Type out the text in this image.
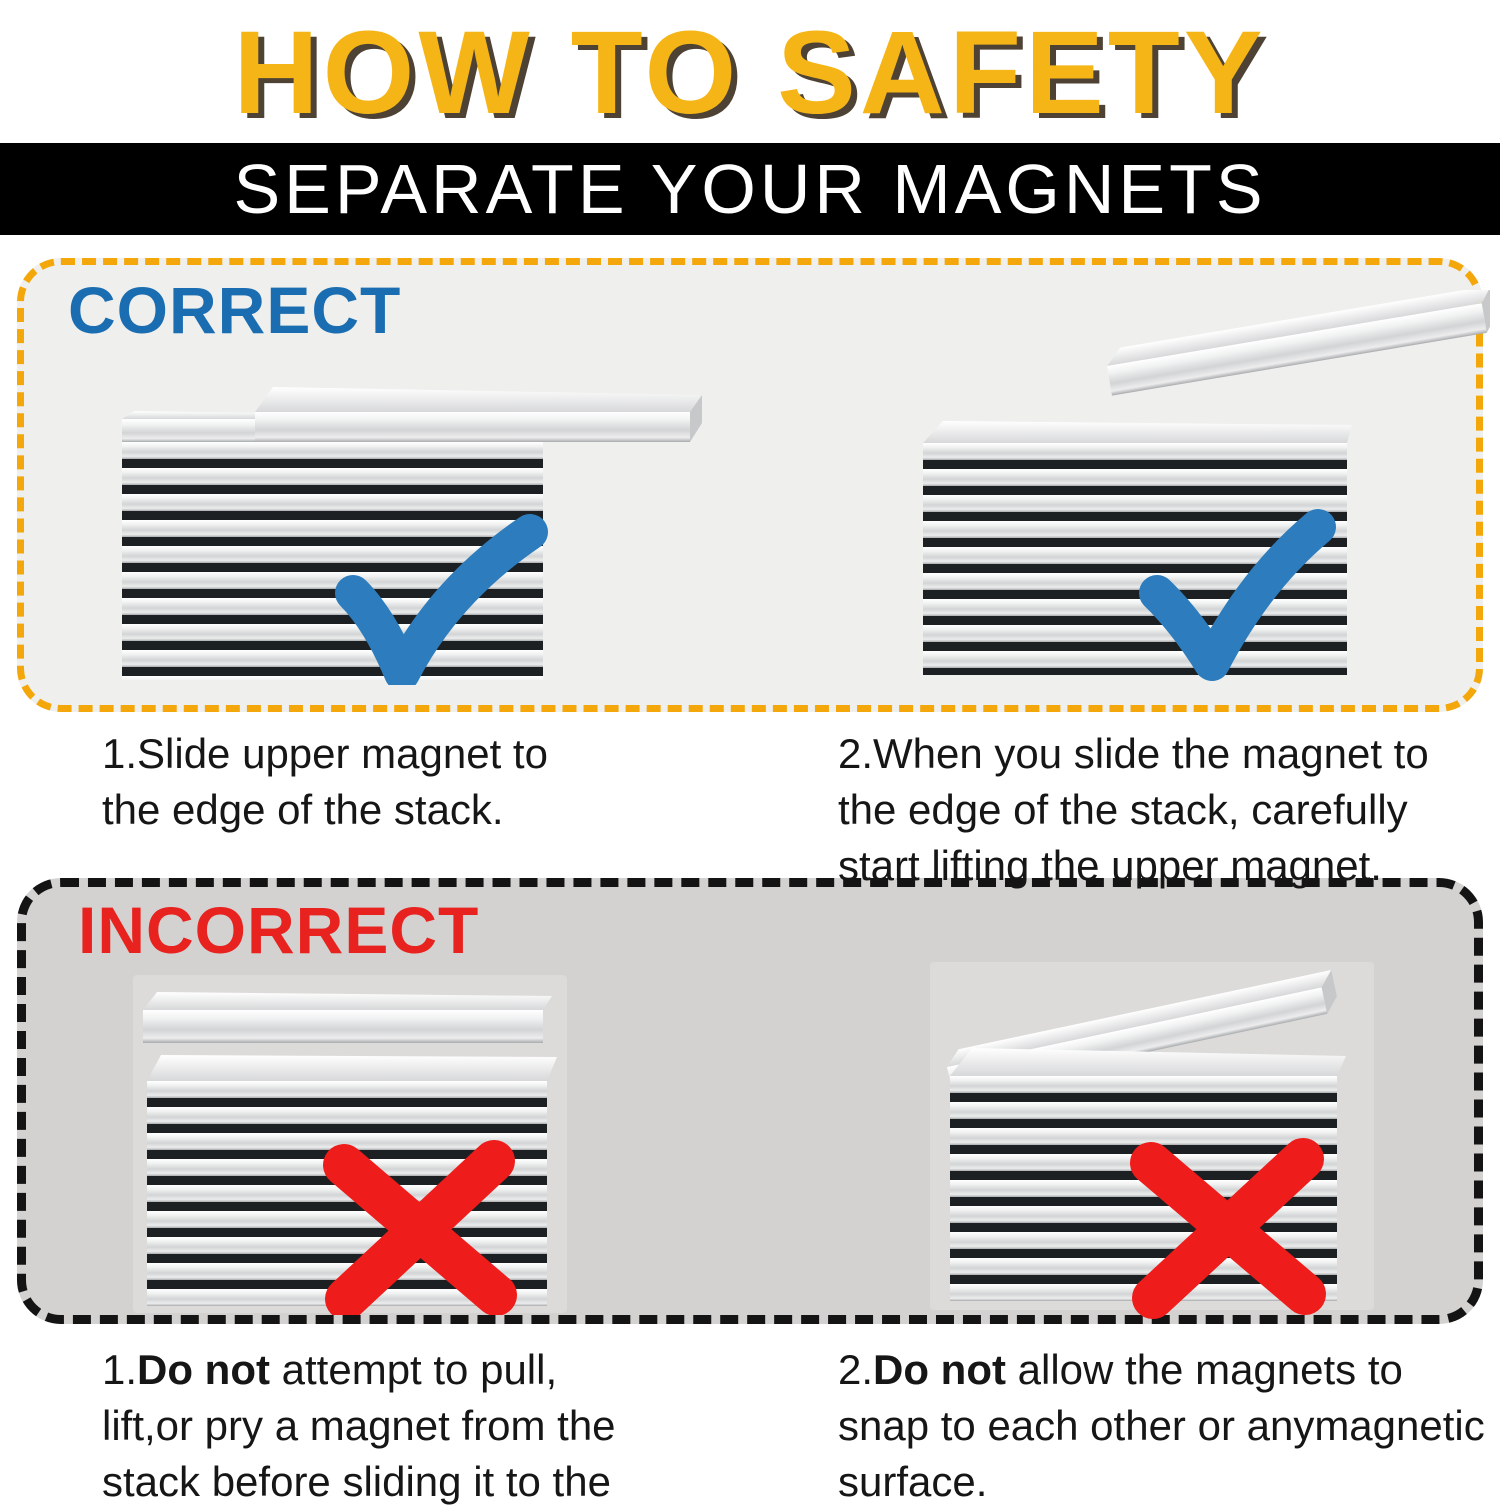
HOW TO SAFETY
SEPARATE YOUR MAGNETS
CORRECT
INCORRECT
1.Slide upper magnet to
the edge of the stack.
2.When you slide the magnet to
the edge of the stack, carefully
start lifting the upper magnet.
1.Do not attempt to pull,
lift,or pry a magnet from the
stack before sliding it to the
2.Do not allow the magnets to
snap to each other or anymagnetic
surface.
